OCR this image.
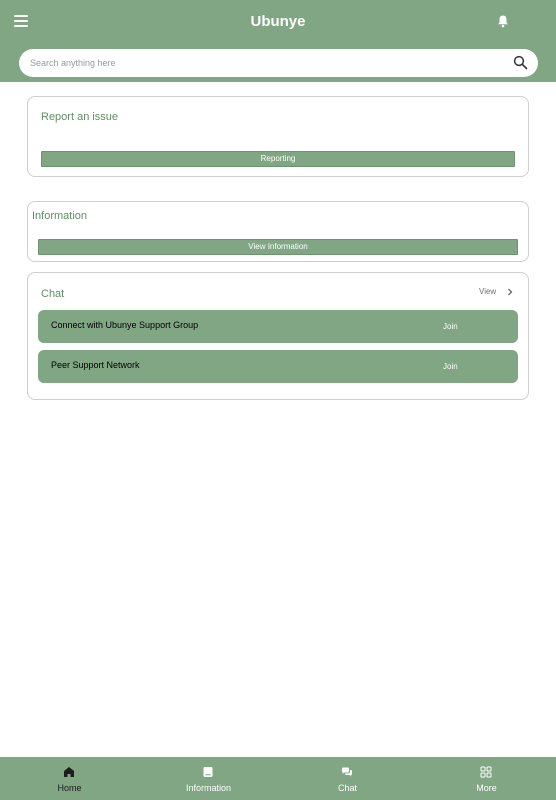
Ubunye
Search anything here
Report an issue
Reporting
Information
View Information
Chat	View
Connect with Ubunye Support Group	Join
Peer Support Network	Join
Home	Information	Chat	More
